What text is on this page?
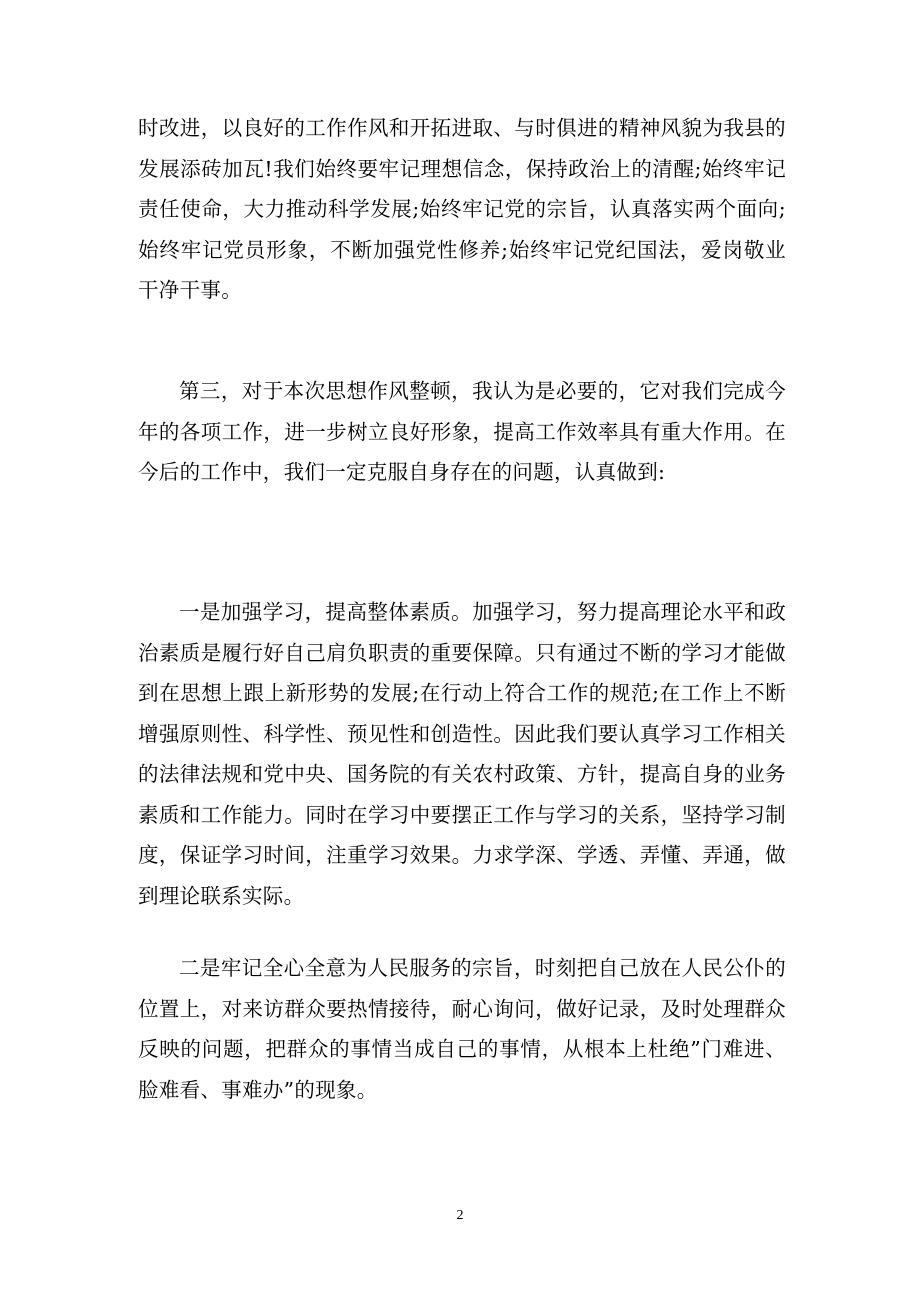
时改进，以良好的工作作风和开拓进取、与时俱进的精神风貌为我县的发展添砖加瓦!我们始终要牢记理想信念，保持政治上的清醒;始终牢记责任使命，大力推动科学发展;始终牢记党的宗旨，认真落实两个面向;始终牢记党员形象，不断加强党性修养;始终牢记党纪国法，爱岗敬业干净干事。

第三，对于本次思想作风整顿，我认为是必要的，它对我们完成今年的各项工作，进一步树立良好形象，提高工作效率具有重大作用。在今后的工作中，我们一定克服自身存在的问题，认真做到:

一是加强学习，提高整体素质。加强学习，努力提高理论水平和政治素质是履行好自己肩负职责的重要保障。只有通过不断的学习才能做到在思想上跟上新形势的发展;在行动上符合工作的规范;在工作上不断增强原则性、科学性、预见性和创造性。因此我们要认真学习工作相关的法律法规和党中央、国务院的有关农村政策、方针，提高自身的业务素质和工作能力。同时在学习中要摆正工作与学习的关系，坚持学习制度，保证学习时间，注重学习效果。力求学深、学透、弄懂、弄通，做到理论联系实际。

二是牢记全心全意为人民服务的宗旨，时刻把自己放在人民公仆的位置上，对来访群众要热情接待，耐心询问，做好记录，及时处理群众反映的问题，把群众的事情当成自己的事情，从根本上杜绝”门难进、脸难看、事难办”的现象。

2
